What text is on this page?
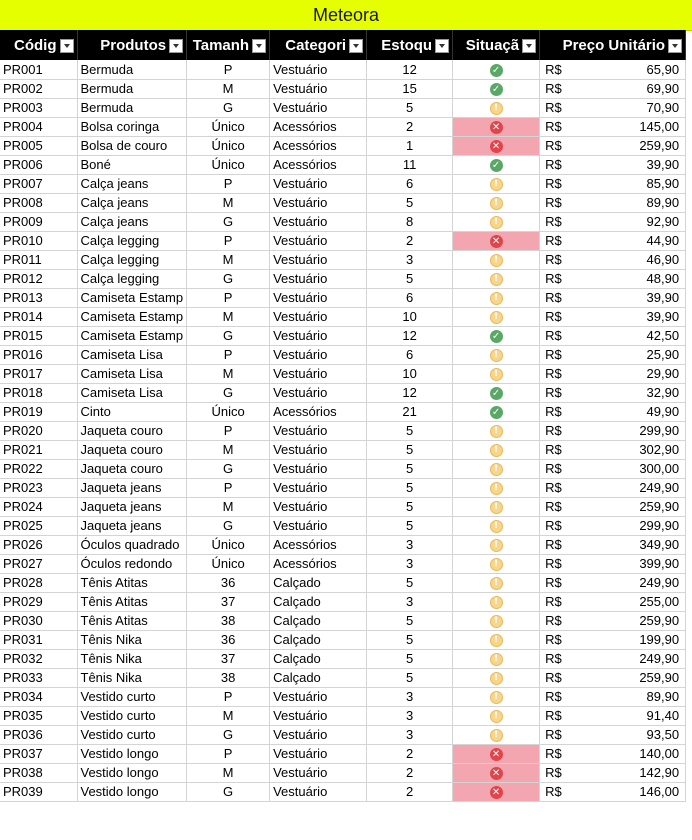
Meteora
Códig	Produtos	Tamanh	Categori	Estoqu	Situaçã	Preço Unitário

PR001	Bermuda	P	Vestuário	12	✓	R$ 65,90

PR002	Bermuda	M	Vestuário	15	✓	R$ 69,90

PR003	Bermuda	G	Vestuário	5	!	R$ 70,90

PR004	Bolsa coringa	Único	Acessórios	2	✕	R$ 145,00

PR005	Bolsa de couro	Único	Acessórios	1	✕	R$ 259,90

PR006	Boné	Único	Acessórios	11	✓	R$ 39,90

PR007	Calça jeans	P	Vestuário	6	!	R$ 85,90

PR008	Calça jeans	M	Vestuário	5	!	R$ 89,90

PR009	Calça jeans	G	Vestuário	8	!	R$ 92,90

PR010	Calça legging	P	Vestuário	2	✕	R$ 44,90

PR011	Calça legging	M	Vestuário	3	!	R$ 46,90

PR012	Calça legging	G	Vestuário	5	!	R$ 48,90

PR013	Camiseta Estamp	P	Vestuário	6	!	R$ 39,90

PR014	Camiseta Estamp	M	Vestuário	10	!	R$ 39,90

PR015	Camiseta Estamp	G	Vestuário	12	✓	R$ 42,50

PR016	Camiseta Lisa	P	Vestuário	6	!	R$ 25,90

PR017	Camiseta Lisa	M	Vestuário	10	!	R$ 29,90

PR018	Camiseta Lisa	G	Vestuário	12	✓	R$ 32,90

PR019	Cinto	Único	Acessórios	21	✓	R$ 49,90

PR020	Jaqueta couro	P	Vestuário	5	!	R$ 299,90

PR021	Jaqueta couro	M	Vestuário	5	!	R$ 302,90

PR022	Jaqueta couro	G	Vestuário	5	!	R$ 300,00

PR023	Jaqueta jeans	P	Vestuário	5	!	R$ 249,90

PR024	Jaqueta jeans	M	Vestuário	5	!	R$ 259,90

PR025	Jaqueta jeans	G	Vestuário	5	!	R$ 299,90

PR026	Óculos quadrado	Único	Acessórios	3	!	R$ 349,90

PR027	Óculos redondo	Único	Acessórios	3	!	R$ 399,90

PR028	Tênis Atitas	36	Calçado	5	!	R$ 249,90

PR029	Tênis Atitas	37	Calçado	3	!	R$ 255,00

PR030	Tênis Atitas	38	Calçado	5	!	R$ 259,90

PR031	Tênis Nika	36	Calçado	5	!	R$ 199,90

PR032	Tênis Nika	37	Calçado	5	!	R$ 249,90

PR033	Tênis Nika	38	Calçado	5	!	R$ 259,90

PR034	Vestido curto	P	Vestuário	3	!	R$ 89,90

PR035	Vestido curto	M	Vestuário	3	!	R$ 91,40

PR036	Vestido curto	G	Vestuário	3	!	R$ 93,50

PR037	Vestido longo	P	Vestuário	2	✕	R$ 140,00

PR038	Vestido longo	M	Vestuário	2	✕	R$ 142,90

PR039	Vestido longo	G	Vestuário	2	✕	R$ 146,00
